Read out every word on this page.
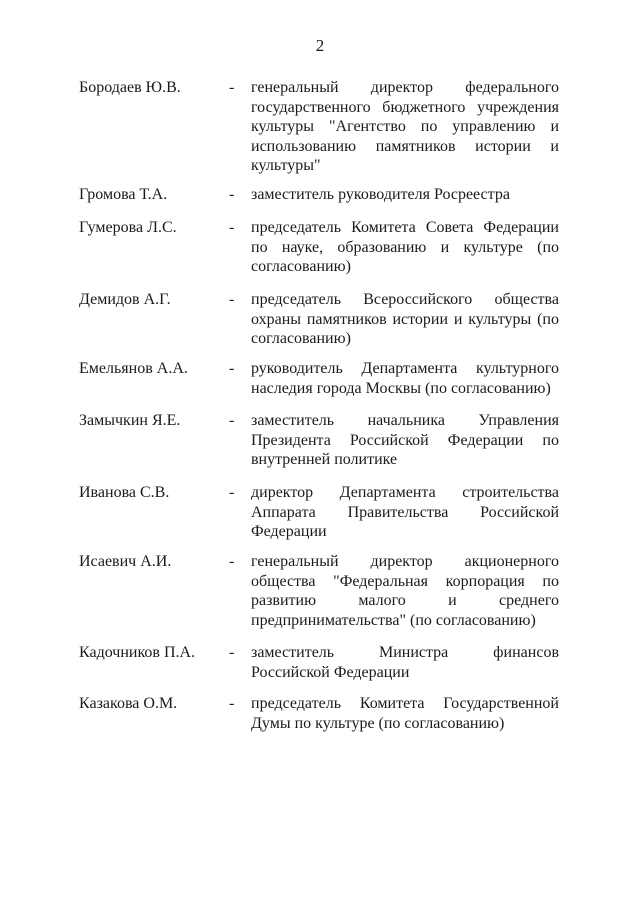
2
Бородаев Ю.В.	- генеральный директор федерального государственного бюджетного учреждения культуры "Агентство по управлению и использованию памятников истории и культуры"
Громова Т.А.	- заместитель руководителя Росреестра
Гумерова Л.С.	- председатель Комитета Совета Федерации по науке, образованию и культуре (по согласованию)
Демидов А.Г.	- председатель Всероссийского общества охраны памятников истории и культуры (по согласованию)
Емельянов А.А.	- руководитель Департамента культурного наследия города Москвы (по согласованию)
Замычкин Я.Е.	- заместитель начальника Управления Президента Российской Федерации по внутренней политике
Иванова С.В.	- директор Департамента строительства Аппарата Правительства Российской Федерации
Исаевич А.И.	- генеральный директор акционерного общества "Федеральная корпорация по развитию малого и среднего предпринимательства" (по согласованию)
Кадочников П.А. - заместитель Министра финансов Российской Федерации
Казакова О.М.	- председатель Комитета Государственной Думы по культуре (по согласованию)
